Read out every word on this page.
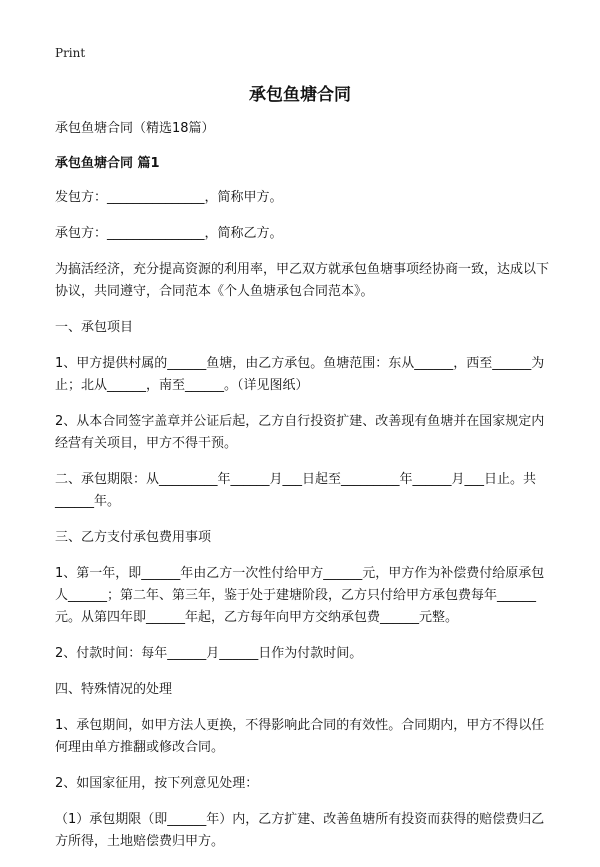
Print
承包鱼塘合同

承包鱼塘合同（精选18篇）

承包鱼塘合同 篇1

发包方：_______________，简称甲方。

承包方：_______________，简称乙方。

为搞活经济，充分提高资源的利用率，甲乙双方就承包鱼塘事项经协商一致，达成以下协议，共同遵守，合同范本《个人鱼塘承包合同范本》。

一、承包项目

1、甲方提供村属的______鱼塘，由乙方承包。鱼塘范围：东从______，西至______为止；北从______，南至______。（详见图纸）

2、从本合同签字盖章并公证后起，乙方自行投资扩建、改善现有鱼塘并在国家规定内经营有关项目，甲方不得干预。

二、承包期限：从_________年______月___日起至_________年______月___日止。共______年。

三、乙方支付承包费用事项

1、第一年，即______年由乙方一次性付给甲方______元，甲方作为补偿费付给原承包人______；第二年、第三年，鉴于处于建塘阶段，乙方只付给甲方承包费每年______元。从第四年即______年起，乙方每年向甲方交纳承包费______元整。

2、付款时间：每年______月______日作为付款时间。

四、特殊情况的处理

1、承包期间，如甲方法人更换，不得影响此合同的有效性。合同期内，甲方不得以任何理由单方推翻或修改合同。

2、如国家征用，按下列意见处理：

（1）承包期限（即______年）内，乙方扩建、改善鱼塘所有投资而获得的赔偿费归乙方所得，土地赔偿费归甲方。
